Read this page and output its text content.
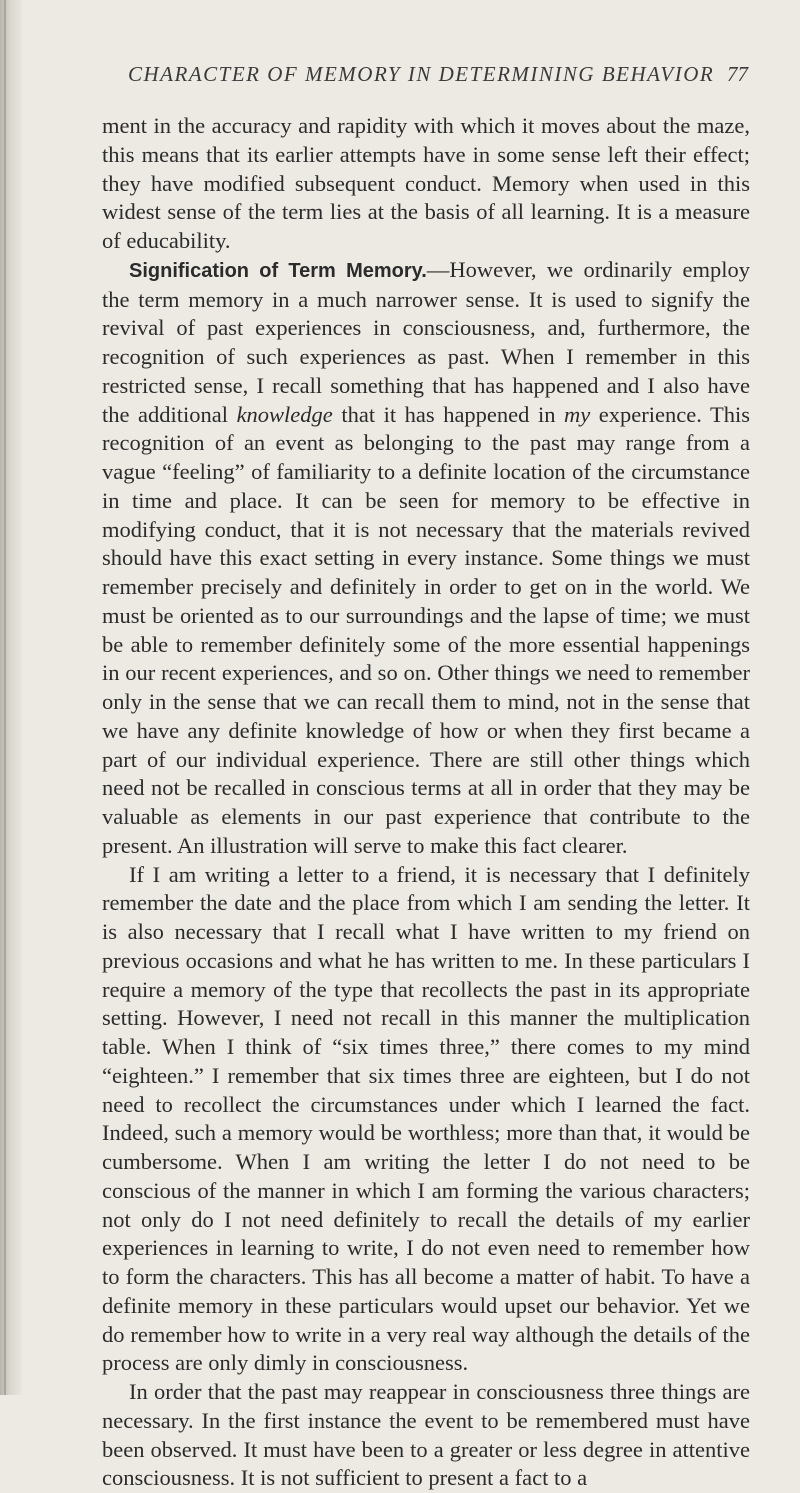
CHARACTER OF MEMORY IN DETERMINING BEHAVIOR 77

ment in the accuracy and rapidity with which it moves about the maze, this means that its earlier attempts have in some sense left their effect; they have modified subsequent conduct. Memory when used in this widest sense of the term lies at the basis of all learning. It is a measure of educability.

Signification of Term Memory.—However, we ordinarily employ the term memory in a much narrower sense. It is used to signify the revival of past experiences in consciousness, and, furthermore, the recognition of such experiences as past. When I remember in this restricted sense, I recall something that has happened and I also have the additional knowledge that it has happened in my experience. This recognition of an event as belonging to the past may range from a vague “feeling” of familiarity to a definite location of the circumstance in time and place. It can be seen for memory to be effective in modifying conduct, that it is not necessary that the materials revived should have this exact setting in every instance. Some things we must remember precisely and definitely in order to get on in the world. We must be oriented as to our surroundings and the lapse of time; we must be able to remember definitely some of the more essential happenings in our recent experiences, and so on. Other things we need to remember only in the sense that we can recall them to mind, not in the sense that we have any definite knowledge of how or when they first became a part of our individual experience. There are still other things which need not be recalled in conscious terms at all in order that they may be valuable as elements in our past experience that contribute to the present. An illustration will serve to make this fact clearer.

If I am writing a letter to a friend, it is necessary that I definitely remember the date and the place from which I am sending the letter. It is also necessary that I recall what I have written to my friend on previous occasions and what he has written to me. In these particulars I require a memory of the type that recollects the past in its appropriate setting. However, I need not recall in this manner the multiplication table. When I think of “six times three,” there comes to my mind “eighteen.” I remember that six times three are eighteen, but I do not need to recollect the circumstances under which I learned the fact. Indeed, such a memory would be worthless; more than that, it would be cumbersome. When I am writing the letter I do not need to be conscious of the manner in which I am forming the various characters; not only do I not need definitely to recall the details of my earlier experiences in learning to write, I do not even need to remember how to form the characters. This has all become a matter of habit. To have a definite memory in these particulars would upset our behavior. Yet we do remember how to write in a very real way although the details of the process are only dimly in consciousness.

In order that the past may reappear in consciousness three things are necessary. In the first instance the event to be remembered must have been observed. It must have been to a greater or less degree in attentive consciousness. It is not sufficient to present a fact to a
